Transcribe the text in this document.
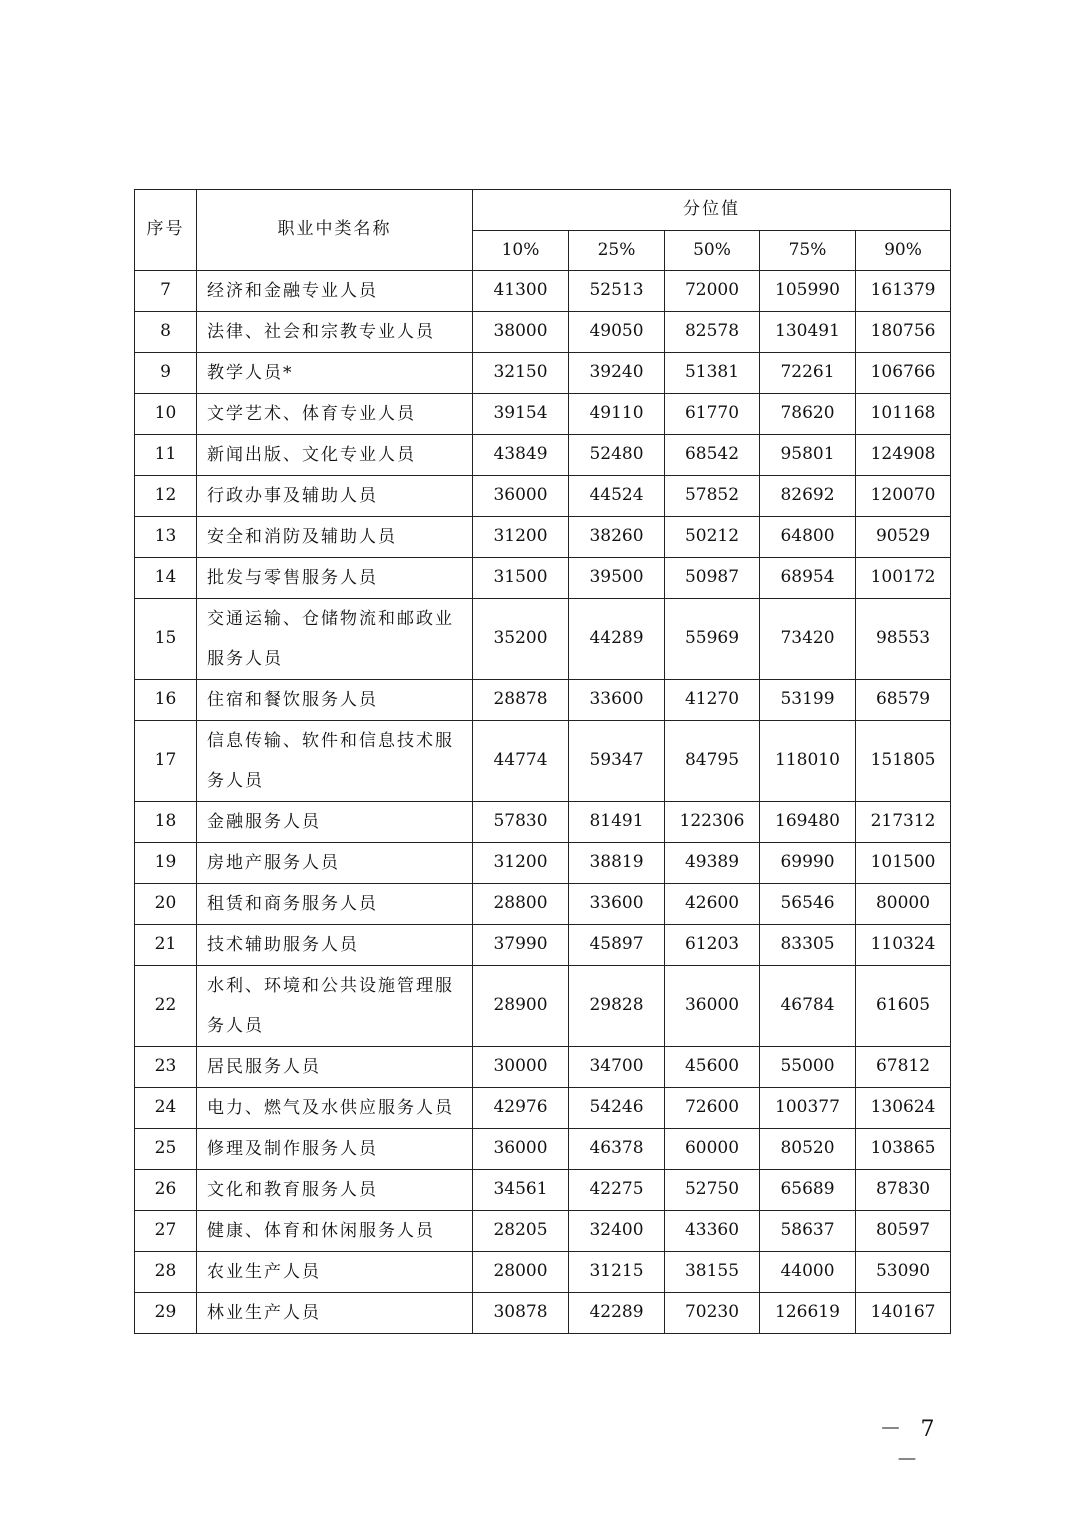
序号	职业中类名称	分位值				
		10%	25%	50%	75%	90%
7	经济和金融专业人员	41300	52513	72000	105990	161379
8	法律、社会和宗教专业人员	38000	49050	82578	130491	180756
9	教学人员*	32150	39240	51381	72261	106766
10	文学艺术、体育专业人员	39154	49110	61770	78620	101168
11	新闻出版、文化专业人员	43849	52480	68542	95801	124908
12	行政办事及辅助人员	36000	44524	57852	82692	120070
13	安全和消防及辅助人员	31200	38260	50212	64800	90529
14	批发与零售服务人员	31500	39500	50987	68954	100172
15	交通运输、仓储物流和邮政业服务人员	35200	44289	55969	73420	98553
16	住宿和餐饮服务人员	28878	33600	41270	53199	68579
17	信息传输、软件和信息技术服务人员	44774	59347	84795	118010	151805
18	金融服务人员	57830	81491	122306	169480	217312
19	房地产服务人员	31200	38819	49389	69990	101500
20	租赁和商务服务人员	28800	33600	42600	56546	80000
21	技术辅助服务人员	37990	45897	61203	83305	110324
22	水利、环境和公共设施管理服务人员	28900	29828	36000	46784	61605
23	居民服务人员	30000	34700	45600	55000	67812
24	电力、燃气及水供应服务人员	42976	54246	72600	100377	130624
25	修理及制作服务人员	36000	46378	60000	80520	103865
26	文化和教育服务人员	34561	42275	52750	65689	87830
27	健康、体育和休闲服务人员	28205	32400	43360	58637	80597
28	农业生产人员	28000	31215	38155	44000	53090
29	林业生产人员	30878	42289	70230	126619	140167
－ 7 －
